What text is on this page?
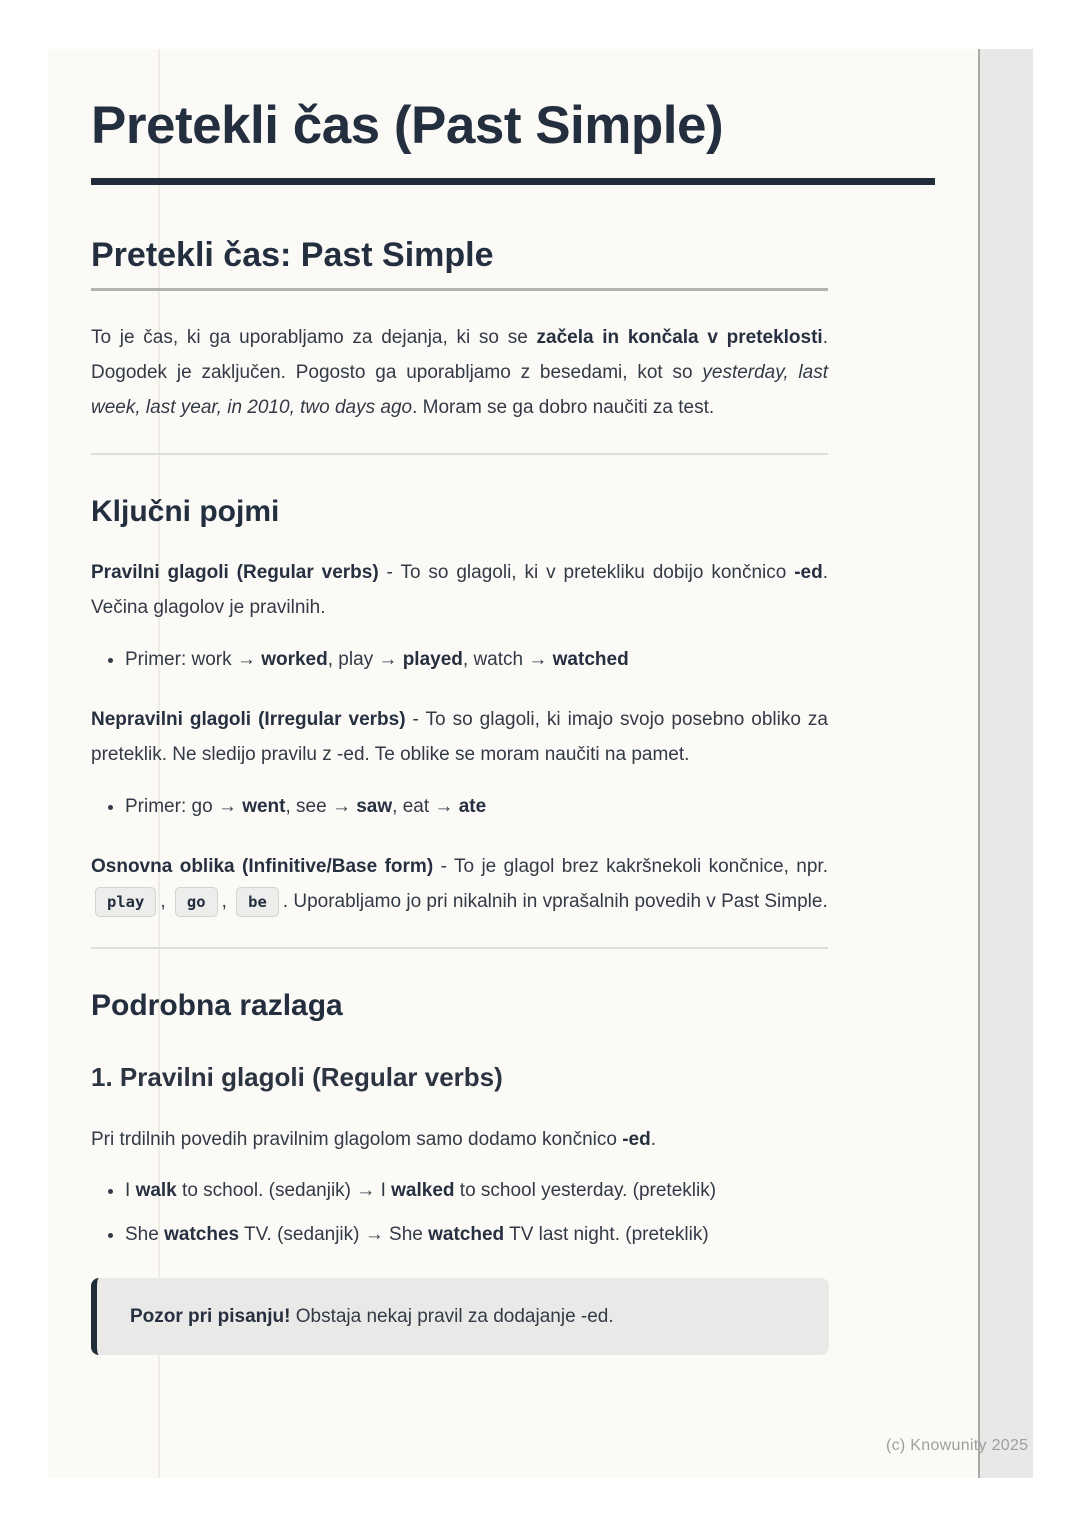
Pretekli čas (Past Simple)
Pretekli čas: Past Simple

To je čas, ki ga uporabljamo za dejanja, ki so se začela in končala v preteklosti. Dogodek je zaključen. Pogosto ga uporabljamo z besedami, kot so yesterday, last week, last year, in 2010, two days ago. Moram se ga dobro naučiti za test.

Ključni pojmi

Pravilni glagoli (Regular verbs) - To so glagoli, ki v pretekliku dobijo končnico -ed. Večina glagolov je pravilnih.

• Primer: work → worked, play → played, watch → watched

Nepravilni glagoli (Irregular verbs) - To so glagoli, ki imajo svojo posebno obliko za preteklik. Ne sledijo pravilu z -ed. Te oblike se moram naučiti na pamet.

• Primer: go → went, see → saw, eat → ate

Osnovna oblika (Infinitive/Base form) - To je glagol brez kakršnekoli končnice, npr. play , go , be . Uporabljamo jo pri nikalnih in vprašalnih povedih v Past Simple.

Podrobna razlaga
1. Pravilni glagoli (Regular verbs)

Pri trdilnih povedih pravilnim glagolom samo dodamo končnico -ed.

• I walk to school. (sedanjik) → I walked to school yesterday. (preteklik)
• She watches TV. (sedanjik) → She watched TV last night. (preteklik)

Pozor pri pisanju! Obstaja nekaj pravil za dodajanje -ed.

(c) Knowunity 2025
